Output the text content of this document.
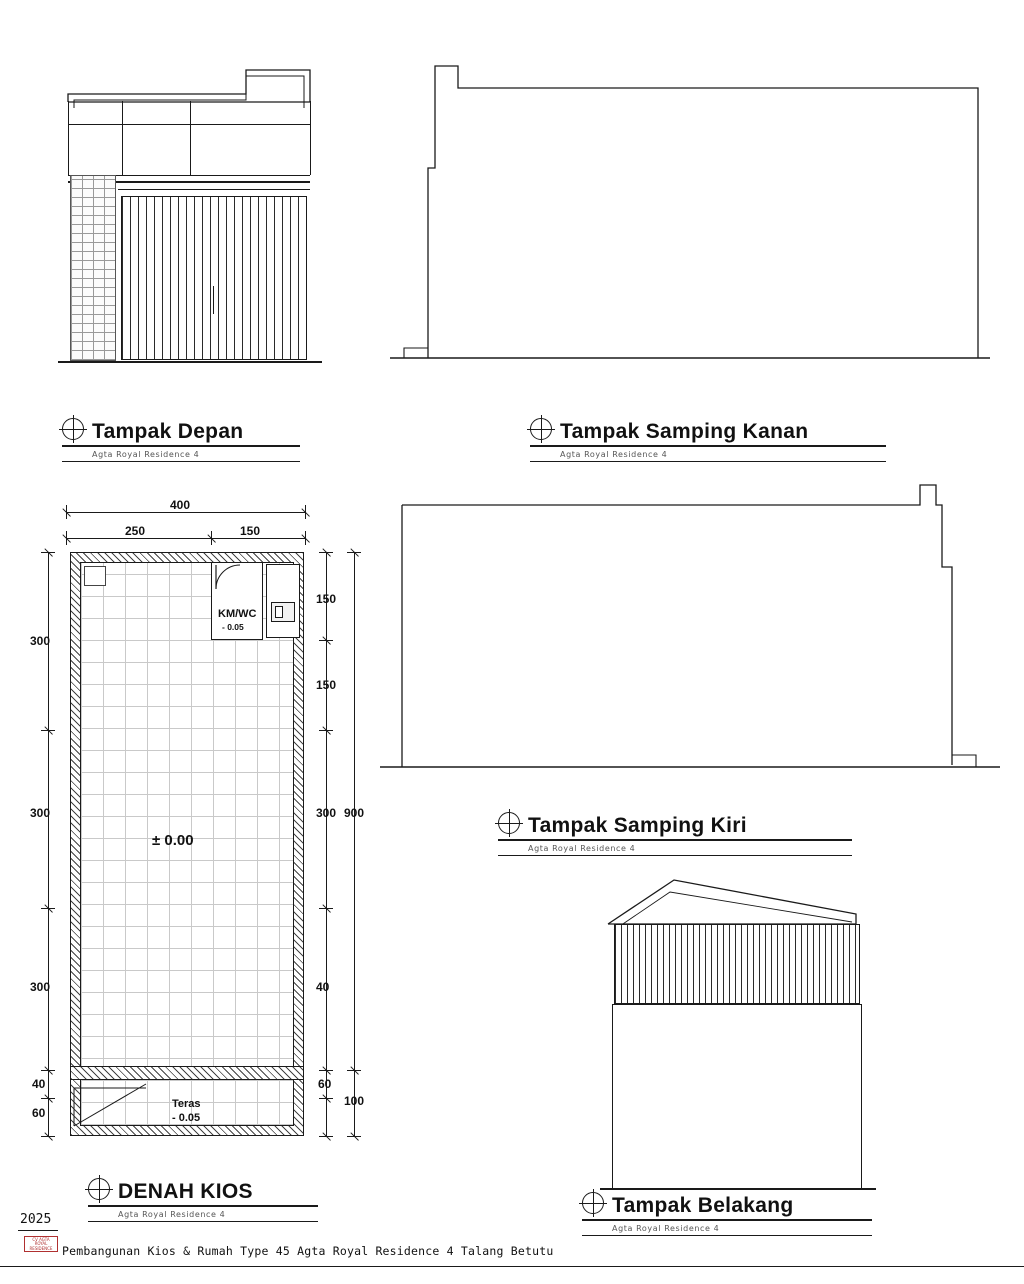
Tampak Depan
Agta Royal Residence 4
Tampak Samping Kanan
Agta Royal Residence 4
Tampak Samping Kiri
Agta Royal Residence 4
Tampak Belakang
Agta Royal Residence 4
KM/WC
- 0.05
± 0.00
Teras
- 0.05
400
250	150
300
300
300
40
60
150
150
300
40
60
900
100
DENAH KIOS
Agta Royal Residence 4
2025
CV AGTA ROYAL RESIDENCE Pembangunan Kios & Rumah Type 45 Agta Royal Residence 4 Talang Betutu
